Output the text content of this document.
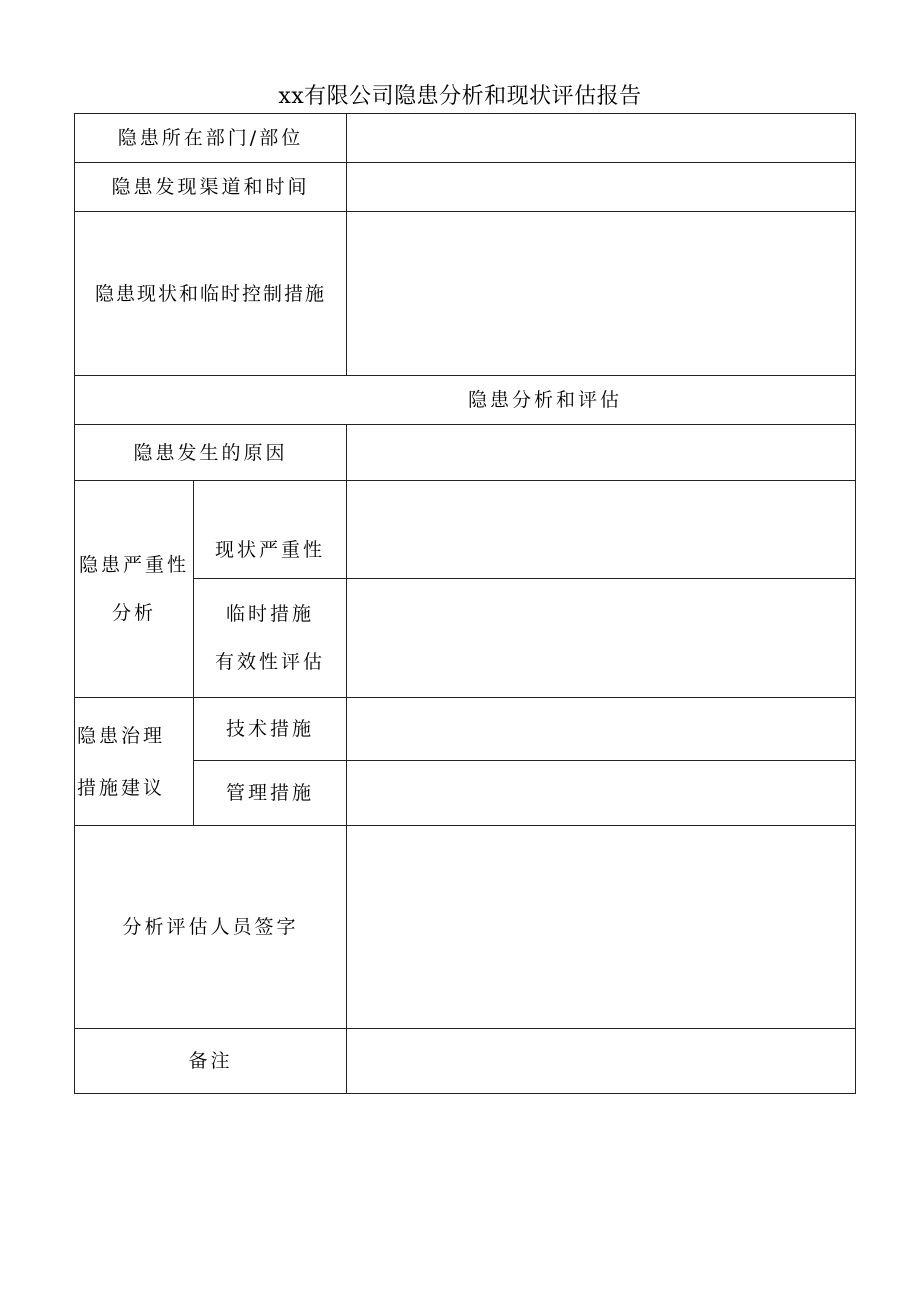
xx有限公司隐患分析和现状评估报告
隐患所在部门/部位
隐患发现渠道和时间
隐患现状和临时控制措施
隐患分析和评估
隐患发生的原因
隐患严重性
分析
现状严重性
临时措施
有效性评估
隐患治理
措施建议
技术措施
管理措施
分析评估人员签字
备注
